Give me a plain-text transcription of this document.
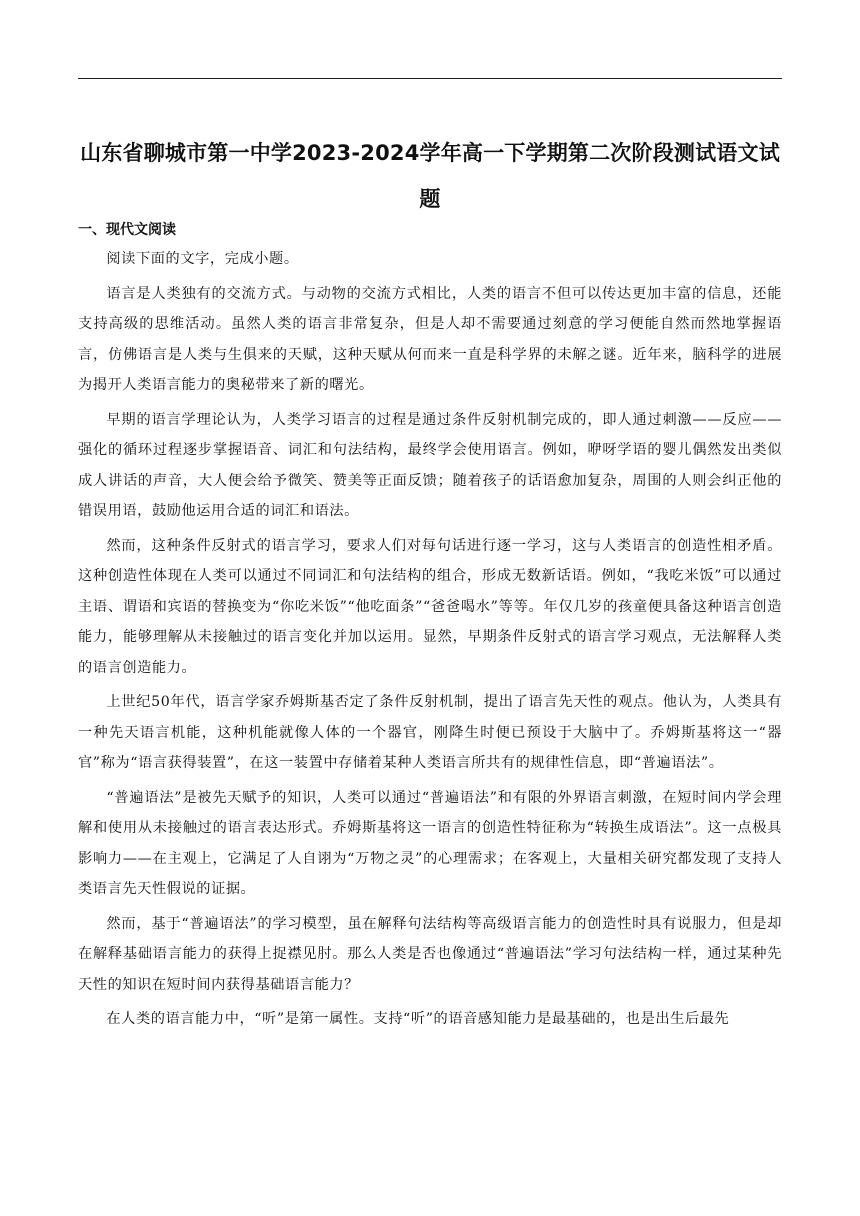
山东省聊城市第一中学2023-2024学年高一下学期第二次阶段测试语文试题
一、现代文阅读

阅读下面的文字，完成小题。

语言是人类独有的交流方式。与动物的交流方式相比，人类的语言不但可以传达更加丰富的信息，还能支持高级的思维活动。虽然人类的语言非常复杂，但是人却不需要通过刻意的学习便能自然而然地掌握语言，仿佛语言是人类与生俱来的天赋，这种天赋从何而来一直是科学界的未解之谜。近年来，脑科学的进展为揭开人类语言能力的奥秘带来了新的曙光。

早期的语言学理论认为，人类学习语言的过程是通过条件反射机制完成的，即人通过刺激——反应——强化的循环过程逐步掌握语音、词汇和句法结构，最终学会使用语言。例如，咿呀学语的婴儿偶然发出类似成人讲话的声音，大人便会给予微笑、赞美等正面反馈；随着孩子的话语愈加复杂，周围的人则会纠正他的错误用语，鼓励他运用合适的词汇和语法。

然而，这种条件反射式的语言学习，要求人们对每句话进行逐一学习，这与人类语言的创造性相矛盾。这种创造性体现在人类可以通过不同词汇和句法结构的组合，形成无数新话语。例如，“我吃米饭”可以通过主语、谓语和宾语的替换变为“你吃米饭”“他吃面条”“爸爸喝水”等等。年仅几岁的孩童便具备这种语言创造能力，能够理解从未接触过的语言变化并加以运用。显然，早期条件反射式的语言学习观点，无法解释人类的语言创造能力。

上世纪50年代，语言学家乔姆斯基否定了条件反射机制，提出了语言先天性的观点。他认为，人类具有一种先天语言机能，这种机能就像人体的一个器官，刚降生时便已预设于大脑中了。乔姆斯基将这一“器官”称为“语言获得装置”，在这一装置中存储着某种人类语言所共有的规律性信息，即“普遍语法”。

“普遍语法”是被先天赋予的知识，人类可以通过“普遍语法”和有限的外界语言刺激，在短时间内学会理解和使用从未接触过的语言表达形式。乔姆斯基将这一语言的创造性特征称为“转换生成语法”。这一点极具影响力——在主观上，它满足了人自诩为“万物之灵”的心理需求；在客观上，大量相关研究都发现了支持人类语言先天性假说的证据。

然而，基于“普遍语法”的学习模型，虽在解释句法结构等高级语言能力的创造性时具有说服力，但是却在解释基础语言能力的获得上捉襟见肘。那么人类是否也像通过“普遍语法”学习句法结构一样，通过某种先天性的知识在短时间内获得基础语言能力？

在人类的语言能力中，“听”是第一属性。支持“听”的语音感知能力是最基础的，也是出生后最先
